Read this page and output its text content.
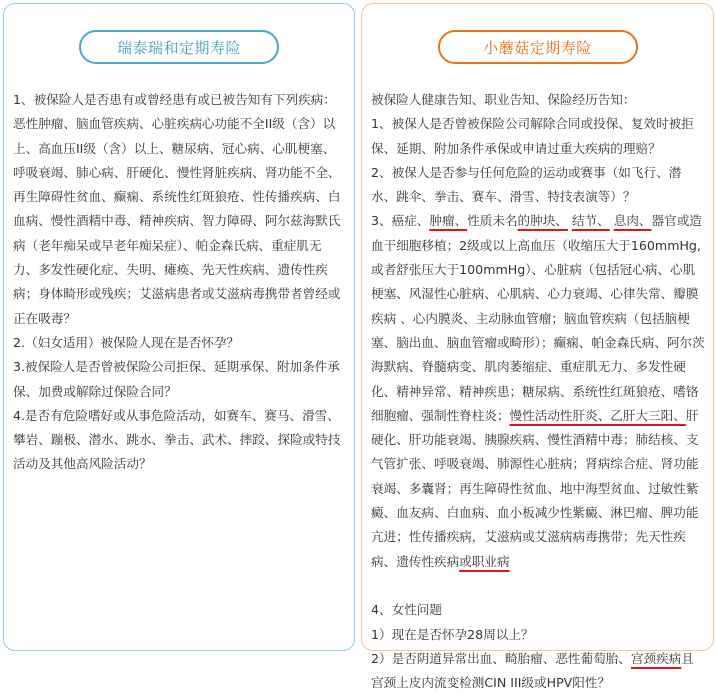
瑞泰瑞和定期寿险

1、被保险人是否患有或曾经患有或已被告知有下列疾病：恶性肿瘤、脑血管疾病、心脏疾病心功能不全II级（含）以上、高血压II级（含）以上、糖尿病、冠心病、心肌梗塞、呼吸衰竭、肺心病、肝硬化、慢性肾脏疾病、肾功能不全、再生障碍性贫血、癫痫、系统性红斑狼疮、性传播疾病、白血病、慢性酒精中毒、精神疾病、智力障碍、阿尔兹海默氏病（老年痴呆或早老年痴呆症）、帕金森氏病、重症肌无力、多发性硬化症、失明、瘫痪、先天性疾病、遗传性疾病；身体畸形或残疾；艾滋病患者或艾滋病毒携带者曾经或正在吸毒？

2.（妇女适用）被保险人现在是否怀孕？

3.被保险人是否曾被保险公司拒保、延期承保、附加条件承保、加费或解除过保险合同？

4.是否有危险嗜好或从事危险活动，如赛车、赛马、滑雪、攀岩、蹦极、潜水、跳水、拳击、武术、摔跤、探险或特技活动及其他高风险活动？

小蘑菇定期寿险

被保险人健康告知、职业告知、保险经历告知：

1、被保人是否曾被保险公司解除合同或投保、复效时被拒保、延期、附加条件承保或申请过重大疾病的理赔？

2、被保人是否参与任何危险的运动或赛事（如飞行、潜水、跳伞、拳击、赛车、滑雪、特技表演等）？

3、癌症、肿瘤、性质未名的肿块、 结节、 息肉、器官或造血干细胞移植；2级或以上高血压（收缩压大于160mmHg,或者舒张压大于100mmHg）、心脏病（包括冠心病、心肌梗塞、风湿性心脏病、心肌病、心力衰竭、心律失常、瓣膜疾病 、心内膜炎、主动脉血管瘤；脑血管疾病（包括脑梗塞、脑出血、脑血管瘤或畸形）；癫痫、帕金森氏病、阿尔茨海默病、脊髓病变、肌肉萎缩症、重症肌无力、多发性硬化、精神异常、精神疾患；糖尿病、系统性红斑狼疮、嗜铬细胞瘤、强制性脊柱炎；慢性活动性肝炎、乙肝大三阳、肝硬化、肝功能衰竭、胰腺疾病、慢性酒精中毒；肺结核、支气管扩张、呼吸衰竭、肺源性心脏病；肾病综合症、肾功能衰竭、多囊肾；再生障碍性贫血、地中海型贫血、过敏性紫癜、血友病、白血病、血小板减少性紫癜、淋巴瘤、脾功能亢进；性传播疾病，艾滋病或艾滋病病毒携带；先天性疾病、遗传性疾病或职业病

4、女性问题

1）现在是否怀孕28周以上？

2）是否阴道异常出血、畸胎瘤、恶性葡萄胎、宫颈疾病且宫颈上皮内流变检测CIN III级或HPV阳性？
